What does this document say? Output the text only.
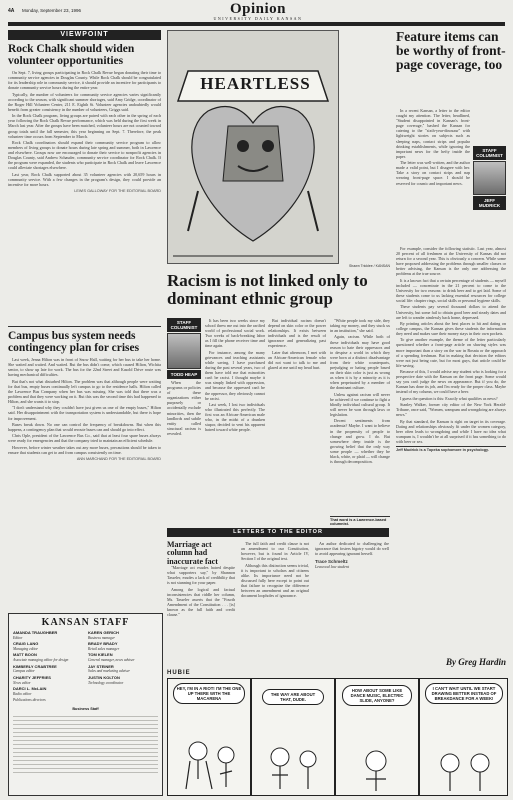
4A Monday, September 23, 1996	Opinion
UNIVERSITY DAILY KANSAN
VIEWPOINT
Rock Chalk should widen volunteer opportunities

On Sept. 7, living groups participating in Rock Chalk Revue began donating their time to community service agencies in Douglas County. While Rock Chalk should be congratulated for its leadership role in community service, it should provide an incentive for participants to donate community service hours during the entire year.

Typically, the number of volunteers for community service agencies varies significantly according to the season, with significant summer shortages, said Amy Gridge, coordinator of the Roger Hill Volunteer Center, 211 E. Eighth St. Volunteer agencies undoubtedly would benefit from greater consistency in the number of volunteers, Griggs said.

In the Rock Chalk program, living groups are paired with each other in the spring of each year following the Rock Chalk Revue performance, which was held during the first week in March last year. After the groups have been matched, volunteer hours are not counted toward group totals until the fall semester, this year beginning on Sept. 7. Therefore, the peak volunteer time occurs from September to March.

Rock Chalk coordinators should expand their community service program to allow members of living groups to donate hours during late spring and summer, both in Lawrence and elsewhere. Groups now are encouraged to donate their service to nonprofit agencies in Douglas County, said Andrew Schauder, community service coordinator for Rock Chalk. If the program were expanded, the students who participate in Rock Chalk and leave Lawrence could alleviate shortages elsewhere.

Last year, Rock Chalk supported about 35 volunteer agencies with 20,659 hours in community service. With a few changes in the program's design, they could provide an incentive for more hours.

LEWIS GALLOWAY FOR THE EDITORIAL BOARD
Campus bus system needs contingency plan for crises

Last week, Jenna Hilton was in front of Snow Hall, waiting for her bus to take her home. She waited and waited. And waited. But the bus didn't come, which caused Hilton, Wichita senior, to show up late for work. The bus for the 22nd Street and Kasold Drive route was having mechanical difficulties.

But that's not what disturbed Hilton. The problem was that although people were waiting for that bus, empty buses continually left campus to go to the residence halls. Hilton called the Lawrence Bus Company when her bus was missing. She was told that there was a problem and that they were working on it. But this was the second time this had happened to Hilton, and she wants it to stop.

"I don't understand why they couldn't have just given us one of the empty buses," Hilton said. Her disappointment with the transportation system is understandable, but there is hope for improvement.

Buses break down. No one can control the frequency of breakdowns. But when this happens, a contingency plan that would reroute buses can and should go into effect.

Chris Ople, president of the Lawrence Bus Co., said that at least four spare buses always were ready for emergencies and that the company tried to maintain an efficient schedule.

However, before winter weather takes out any more buses, precautions should be taken to ensure that students can get to and from campus consistently on time.

ANN MARCHAND FOR THE EDITORIAL BOARD
KANSAN STAFF
AMANDA TRAUGHBER
Editor
CRAIG LANG
Managing editor
MATT BOON
Associate managing editor for design
KIMBERLY CRABTREE
Campus editor
CHARITY JEFFRIES
News editor
DARCI L. McLAIN
Radio editor
Publications directors
KAREN GERICH
Business manager
BRADY BRADY
Retail sales manager
TOM KIELEN
General manager, news adviser
JAY STEINER
Sales and marketing adviser
JUSTIN KOLTON
Technology coordinator
Business Staff
HEARTLESS
Shawn Tricklee / KANSAN
Racism is not linked only to dominant ethnic group
STAFF COLUMNIST
TODD HEAP

When the programs or policies of these organizations either purposely or accidentally exclude minorities, then the landlords and subtle entity called structural racism is revealed.

It has been two weeks since my school threw me out into the rarified world of professional social work. Two weeks of back-breaking labor as I fill the phone receiver time and time again.

For instance, among the many grievances and teaching assistants while saving, I have purchased during the past several years, two of them have told me that minorities can't be racist. I thought maybe it was simply linked with oppression, and because the oppressed can't be the oppressor, they obviously cannot be racist.

Last week, I lost two individuals who illustrated this perfectly. The first was an African-American male who, in the midst of a drunken stupor, decided to vent his apparent hatred toward white people.

But individual racism doesn't depend on skin color or the power relationships. It exists between individuals and is the result of ignorance and generalizing past experience.

Later that afternoon, I met with an African-American female who did not want to talk to me and glared at me until my head hurt.

"White people took my side, they taking my money, and they stuck us in an institution," she said.

Again, racism. While both of these individuals may have good reason to hate their oppressors and to despise a world in which they were born at a distinct disadvantage from their white counterparts, prejudging or hating people based on their skin color is just as wrong as when it is by a minority as it is when perpetuated by a member of the dominant culture.

Unless against racism will never be achieved if we continue to fight a blindly individual cultural group. It will never be won through laws or legislation.

Decent sentiments from academia? Maybe. I want to believe in the propensity of people to change and grow. I do. But somewhere deep inside is the growing belief that the only way some people — whether they be black, white, or plaid — will change is through decomposition.

That word is a Lawrence-based columnist.
LETTERS TO THE EDITOR
Marriage act column had inaccurate fact

"Marriage act exudes hatred despite what supporters say," by Shannon Tasseler, exudes a lack of credibility that is not stunning for your paper.

Among the logical and factual inconsistencies that riddle her column, Ms. Tasseler asserts that the "Fourth Amendment of the Constitution . . . [is] known as the full faith and credit clause."

The full faith and credit clause is not an amendment to our Constitution, however, but is found in Article IV, Section I of the original text.

Although this distinction seems trivial, it is important to scholars and citizens alike. Its importance need not be discussed fully here except to point out that failure to recognize the difference between an amendment and an original document loopholes of ignorance.

An author dedicated to challenging the ignorance that fosters bigotry would do well to avoid appearing ignorant herself.

Trace Schmeltz
Leawood law student
Feature items can be worthy of front-page coverage, too

In a recent Kansan, a letter to the editor caught my attention. The letter, headlined, "Student disappointed in Kansan's front-page coverage," bashed the Kansan for catering to the "sixth-year-dinosaur" with lightweight stories on subjects such as sleeping naps, contact strips and popular drinking establishments, while ignoring the important news for the hefty inside the paper.

The letter was well-written, and the author made a valid point, but I disagree with her. Take a story on contact strips and nap wearing front-page space. I should be reserved for cosmic and important news.

STAFF COLUMNIST
JEFF MUDRICK

For example, consider the following statistic. Last year, almost 20 percent of all freshmen at the University of Kansas did not return for a second year. This is obviously a concern. While some have proposed addressing the problems through smaller classes or better advising, the Kansan is the only one addressing the problems at the true source.

It is a known fact that a certain percentage of students — myself included — concentrate in the 21 percent to come to the University for two reasons: to drink beer and to get laid. Some of these students come to us lacking essential resources for college social life: chapter rings, social skills or personal hygiene skills.

These students pay several thousand dollars to attend the University, but some fail to obtain good beer and steady dates and are left to wander aimlessly back home, depressed.

By printing articles about the best places to hit and dating on college campus, the Kansan gives these students the information they need and makes sure their money stays in their own pockets.

To give another example, the theme of the letter particularly questioned whether a front-page article on shaving styles was more important than a story on the war in Bosnia or the approach of a spending freshman. But in making that decision the editors were not just being cute, but for most guys, that article could be life-saving.

Because of this, I would advise any student who is looking for a perspective date with the Kansan on the front page. Some would say you can't judge the news on appearance. But if you do, the Kansan has done its job, and I'm ready for the proper class. Maybe instead of my column, we could have a beer.

I guess the question is this: Exactly what qualifies as news?

Stanley Walker, former city editor of the New York Herald-Tribune, once said, "Women, wampum and wrongdoing are always news."

By that standard, the Kansan is right on target in its coverage. Dating and relationships obviously fit under the women category, beer often leads to wrongdoing and while I have no idea what wampum is, I wouldn't be at all surprised if it has something to do with beer or sex.

Jeff Mudrick is a Topeka sophomore in psychology.
By Greg Hardin
HUBIE
HEY, I'M IN A RIOT! I'M THE ONE UP THERE WITH THE MACARENA
THE WAY ARE ABOUT THAT, DUDE.
HOW ABOUT SOME LIKE DANCE MUSIC, ELECTRIC SLIDE, ANYONE?
I CAN'T WAIT UNTIL WE START DRAWING BETTER INSTEAD OF BREAKDANCE FOR A WEEK!
